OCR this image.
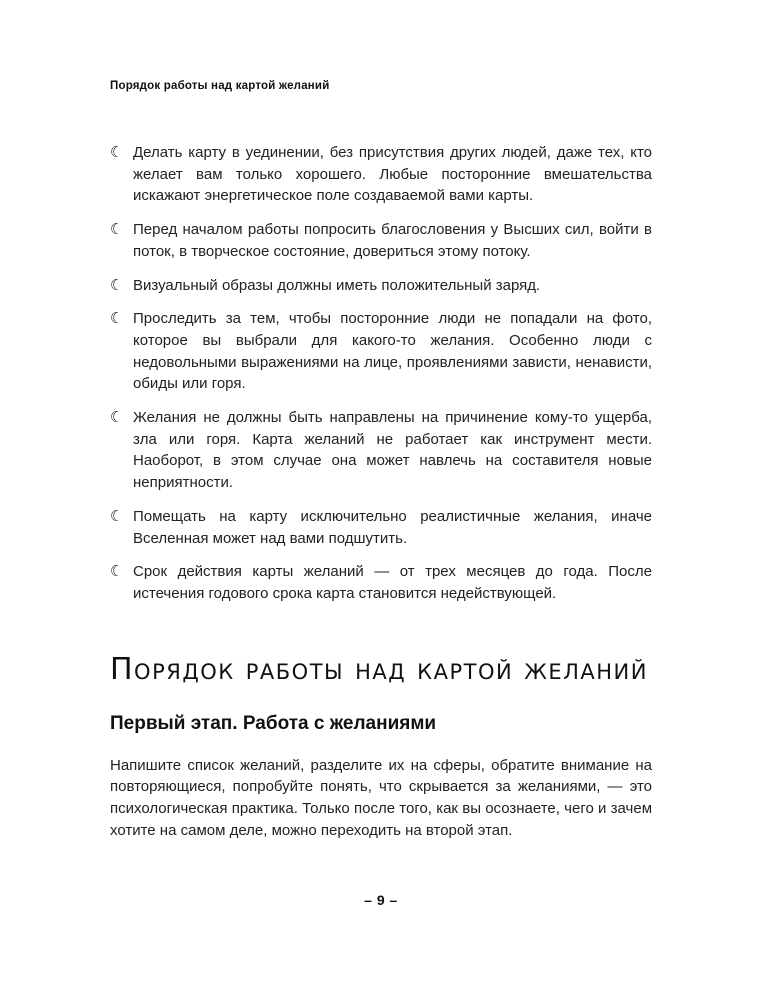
Порядок работы над картой желаний
☾ Делать карту в уединении, без присутствия других людей, даже тех, кто желает вам только хорошего. Любые посторонние вмешательства искажают энергетическое поле создаваемой вами карты.
☾ Перед началом работы попросить благословения у Высших сил, войти в поток, в творческое состояние, довериться этому потоку.
☾ Визуальный образы должны иметь положительный заряд.
☾ Проследить за тем, чтобы посторонние люди не попадали на фото, которое вы выбрали для какого-то желания. Особенно люди с недовольными выражениями на лице, проявлениями зависти, ненависти, обиды или горя.
☾ Желания не должны быть направлены на причинение кому-то ущерба, зла или горя. Карта желаний не работает как инструмент мести. Наоборот, в этом случае она может навлечь на составителя новые неприятности.
☾ Помещать на карту исключительно реалистичные желания, иначе Вселенная может над вами подшутить.
☾ Срок действия карты желаний — от трех месяцев до года. После истечения годового срока карта становится недействующей.
Порядок работы над картой желаний
Первый этап. Работа с желаниями

Напишите список желаний, разделите их на сферы, обратите внимание на повторяющиеся, попробуйте понять, что скрывается за желаниями, — это психологическая практика. Только после того, как вы осознаете, чего и зачем хотите на самом деле, можно переходить на второй этап.

– 9 –
